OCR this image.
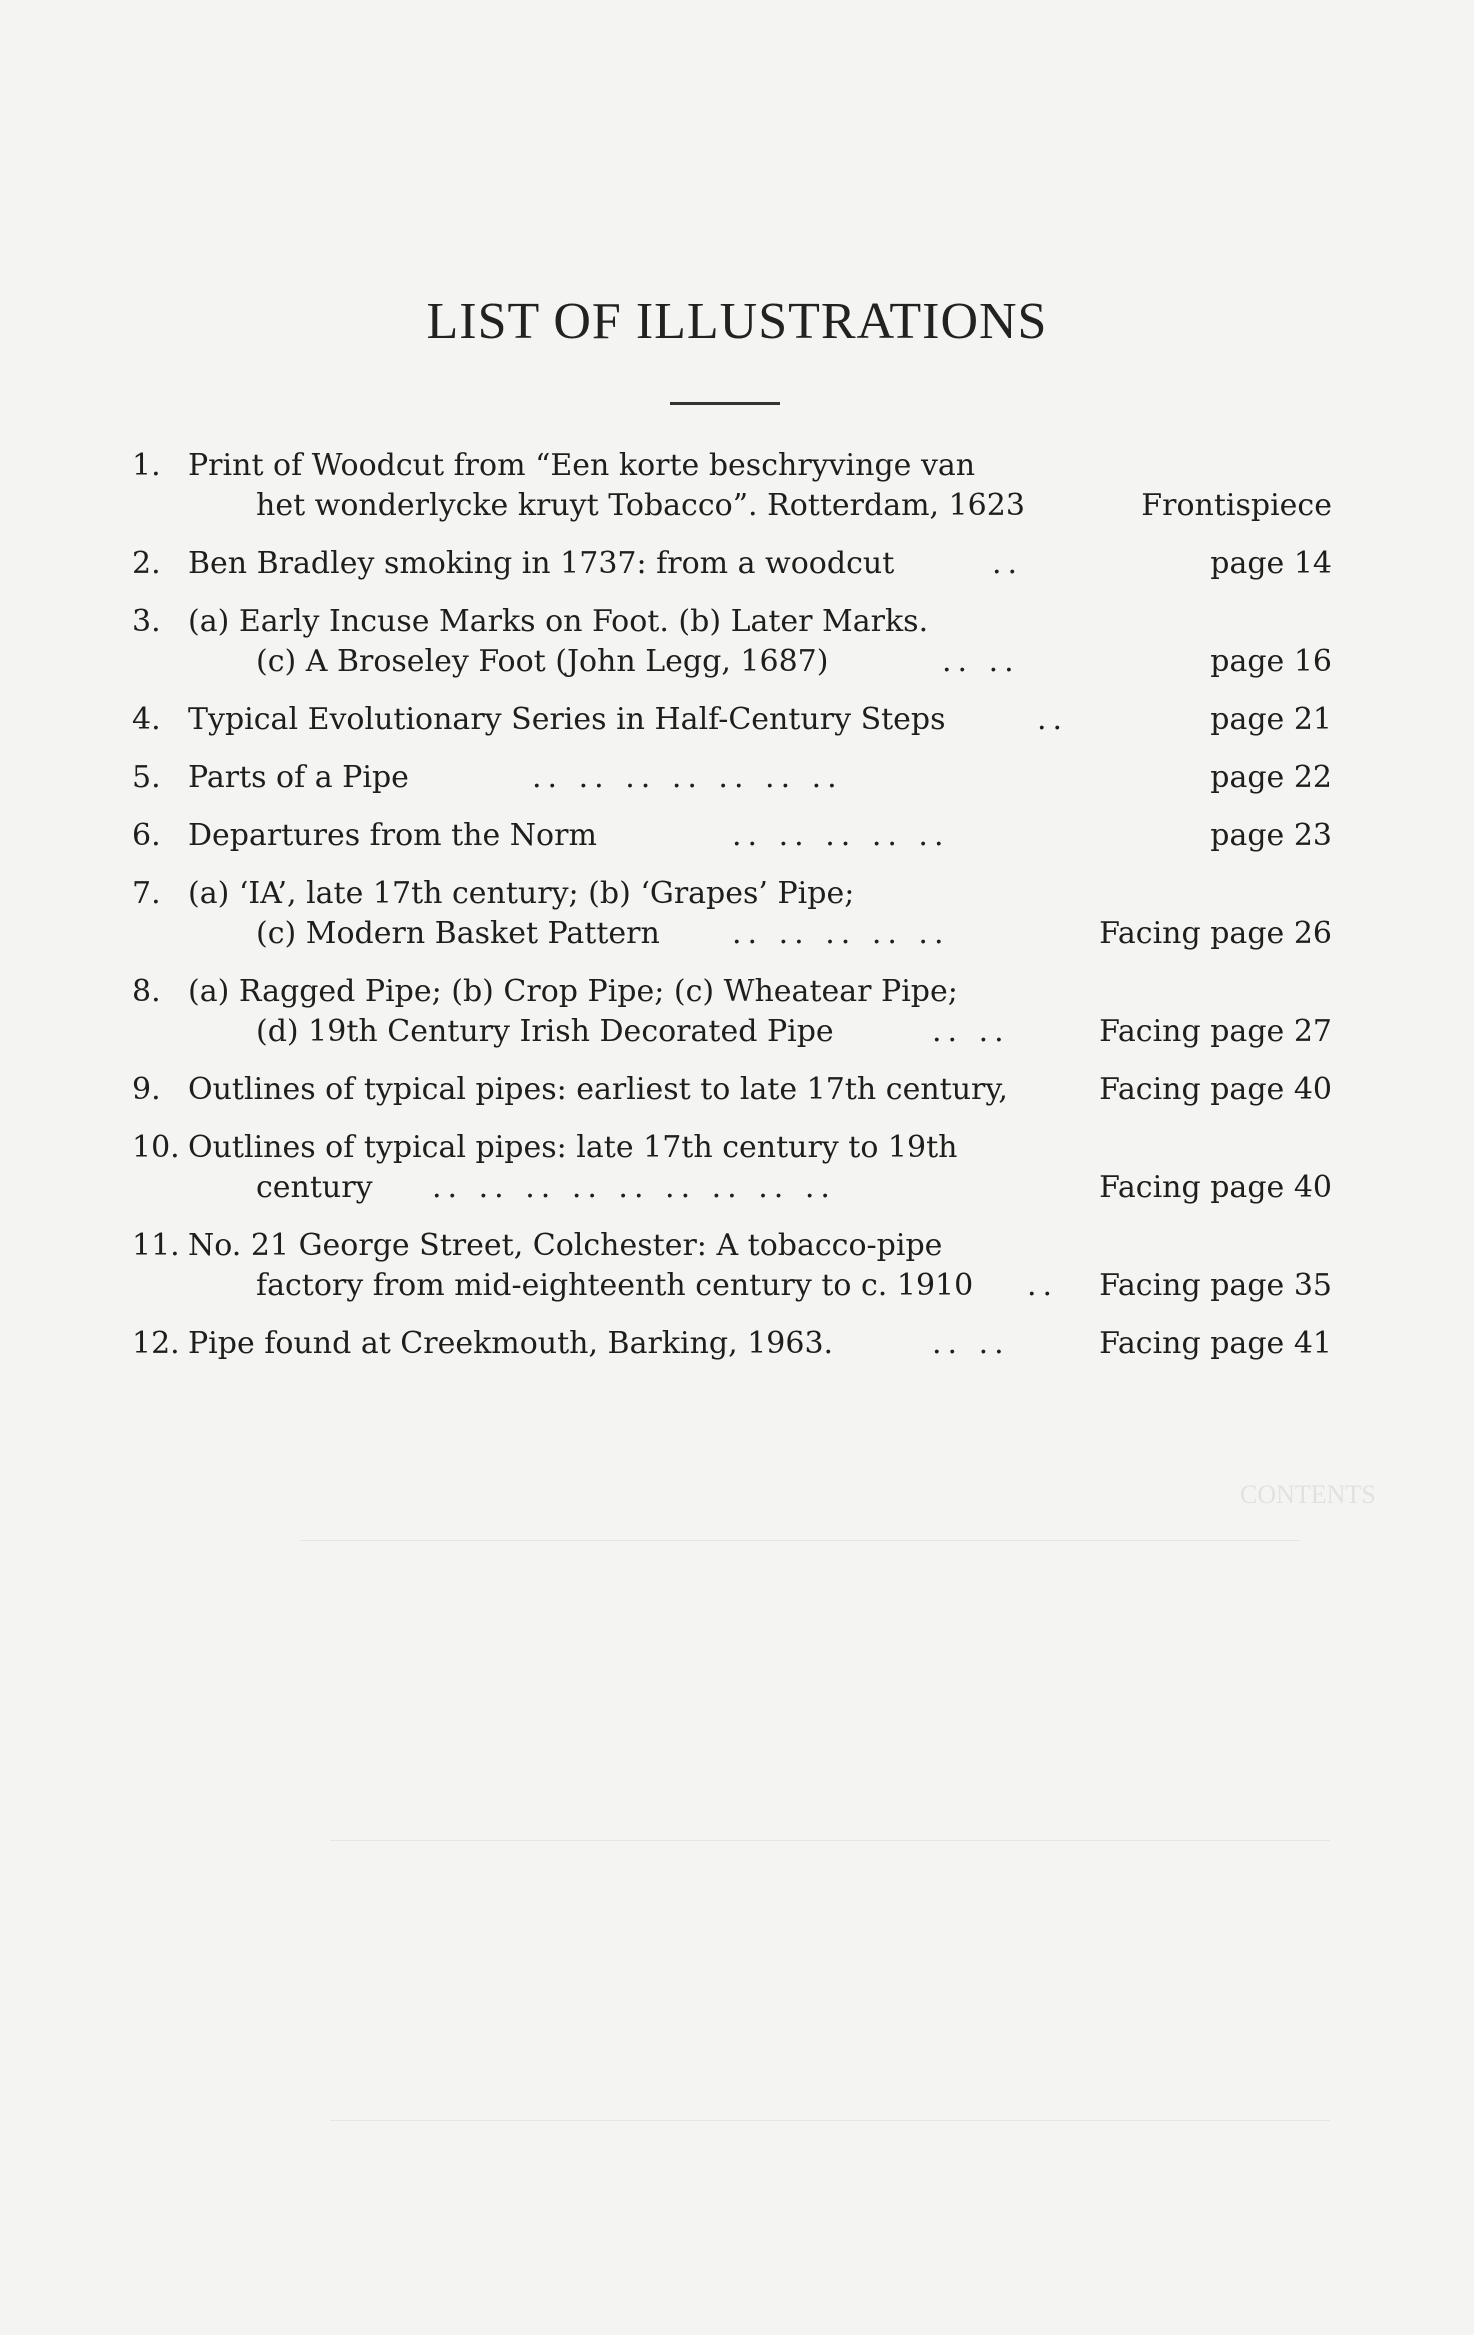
CONTENTS
LIST OF ILLUSTRATIONS
1. Print of Woodcut from “Een korte beschryvinge van
het wonderlycke kruyt Tobacco”. Rotterdam, 1623	Frontispiece
2. Ben Bradley smoking in 1737: from a woodcut	..	page 14
3. (a) Early Incuse Marks on Foot. (b) Later Marks.
(c) A Broseley Foot (John Legg, 1687)	.. ..	page 16
4. Typical Evolutionary Series in Half-Century Steps	..	page 21
5. Parts of a Pipe	.. .. .. .. .. .. ..	page 22
6. Departures from the Norm	.. .. .. .. ..	page 23
7. (a) ‘IA’, late 17th century; (b) ‘Grapes’ Pipe;
(c) Modern Basket Pattern .. .. .. .. ..	Facing page 26
8. (a) Ragged Pipe; (b) Crop Pipe; (c) Wheatear Pipe;
(d) 19th Century Irish Decorated Pipe	.. ..	Facing page 27
9. Outlines of typical pipes: earliest to late 17th century,	Facing page 40
10. Outlines of typical pipes: late 17th century to 19th
century .. .. .. .. .. .. .. .. ..	Facing page 40
11. No. 21 George Street, Colchester: A tobacco-pipe
factory from mid-eighteenth century to c. 1910 .. Facing page 35
12. Pipe found at Creekmouth, Barking, 1963.	.. ..	Facing page 41
